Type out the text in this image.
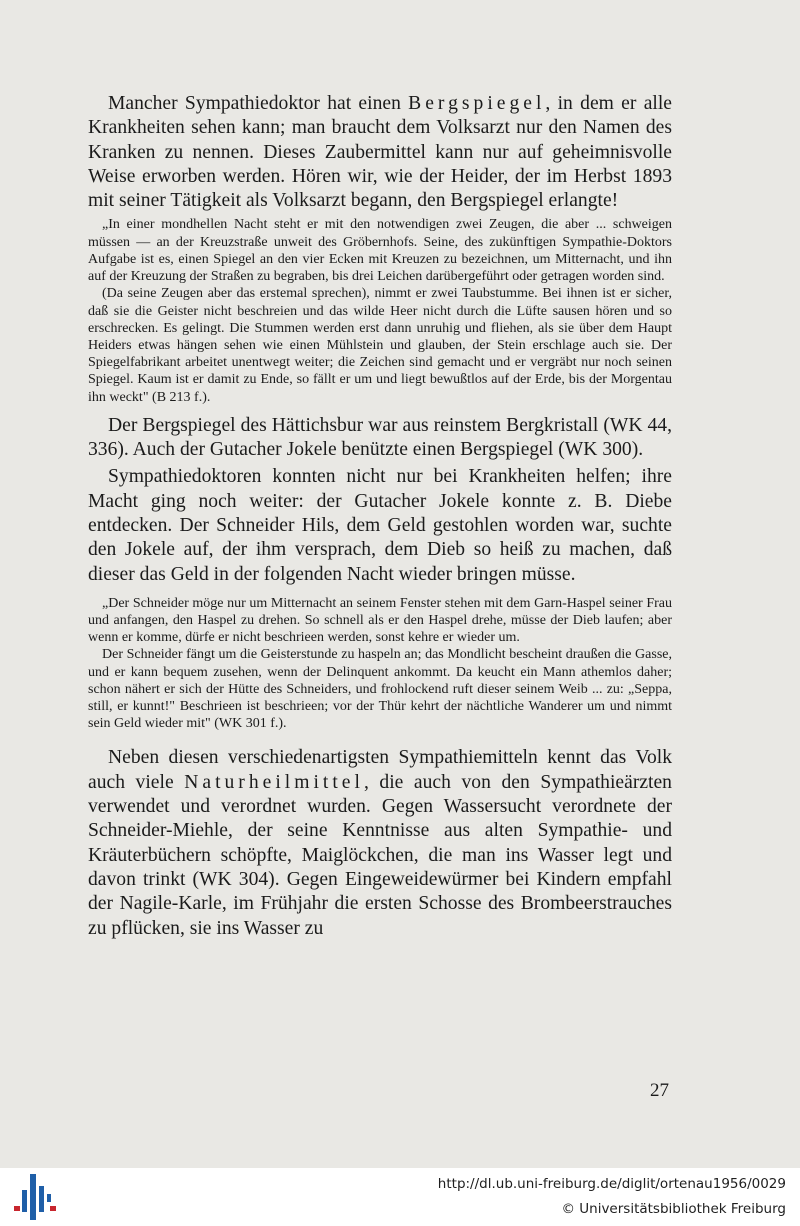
Mancher Sympathiedoktor hat einen Bergspiegel, in dem er alle Krankheiten sehen kann; man braucht dem Volksarzt nur den Namen des Kranken zu nennen. Dieses Zaubermittel kann nur auf geheimnisvolle Weise erworben werden. Hören wir, wie der Heider, der im Herbst 1893 mit seiner Tätigkeit als Volksarzt begann, den Bergspiegel erlangte!

„In einer mondhellen Nacht steht er mit den notwendigen zwei Zeugen, die aber ... schweigen müssen — an der Kreuzstraße unweit des Gröbernhofs. Seine, des zukünftigen Sympathie-Doktors Aufgabe ist es, einen Spiegel an den vier Ecken mit Kreuzen zu bezeichnen, um Mitternacht, und ihn auf der Kreuzung der Straßen zu begraben, bis drei Leichen darübergeführt oder getragen worden sind.

(Da seine Zeugen aber das erstemal sprechen), nimmt er zwei Taubstumme. Bei ihnen ist er sicher, daß sie die Geister nicht beschreien und das wilde Heer nicht durch die Lüfte sausen hören und so erschrecken. Es gelingt. Die Stummen werden erst dann unruhig und fliehen, als sie über dem Haupt Heiders etwas hängen sehen wie einen Mühlstein und glauben, der Stein erschlage auch sie. Der Spiegelfabrikant arbeitet unentwegt weiter; die Zeichen sind gemacht und er vergräbt nur noch seinen Spiegel. Kaum ist er damit zu Ende, so fällt er um und liegt bewußtlos auf der Erde, bis der Morgentau ihn weckt" (B 213 f.).

Der Bergspiegel des Hättichsbur war aus reinstem Bergkristall (WK 44, 336). Auch der Gutacher Jokele benützte einen Bergspiegel (WK 300).

Sympathiedoktoren konnten nicht nur bei Krankheiten helfen; ihre Macht ging noch weiter: der Gutacher Jokele konnte z. B. Diebe entdecken. Der Schneider Hils, dem Geld gestohlen worden war, suchte den Jokele auf, der ihm versprach, dem Dieb so heiß zu machen, daß dieser das Geld in der folgenden Nacht wieder bringen müsse.

„Der Schneider möge nur um Mitternacht an seinem Fenster stehen mit dem Garn-Haspel seiner Frau und anfangen, den Haspel zu drehen. So schnell als er den Haspel drehe, müsse der Dieb laufen; aber wenn er komme, dürfe er nicht beschrieen werden, sonst kehre er wieder um.

Der Schneider fängt um die Geisterstunde zu haspeln an; das Mondlicht bescheint draußen die Gasse, und er kann bequem zusehen, wenn der Delinquent ankommt. Da keucht ein Mann athemlos daher; schon nähert er sich der Hütte des Schneiders, und frohlockend ruft dieser seinem Weib ... zu: „Seppa, still, er kunnt!" Beschrieen ist beschrieen; vor der Thür kehrt der nächtliche Wanderer um und nimmt sein Geld wieder mit" (WK 301 f.).

Neben diesen verschiedenartigsten Sympathiemitteln kennt das Volk auch viele Naturheilmittel, die auch von den Sympathieärzten verwendet und verordnet wurden. Gegen Wassersucht verordnete der Schneider-Miehle, der seine Kenntnisse aus alten Sympathie- und Kräuterbüchern schöpfte, Maiglöckchen, die man ins Wasser legt und davon trinkt (WK 304). Gegen Eingeweidewürmer bei Kindern empfahl der Nagile-Karle, im Frühjahr die ersten Schosse des Brombeerstrauches zu pflücken, sie ins Wasser zu

27
http://dl.ub.uni-freiburg.de/diglit/ortenau1956/0029
© Universitätsbibliothek Freiburg
